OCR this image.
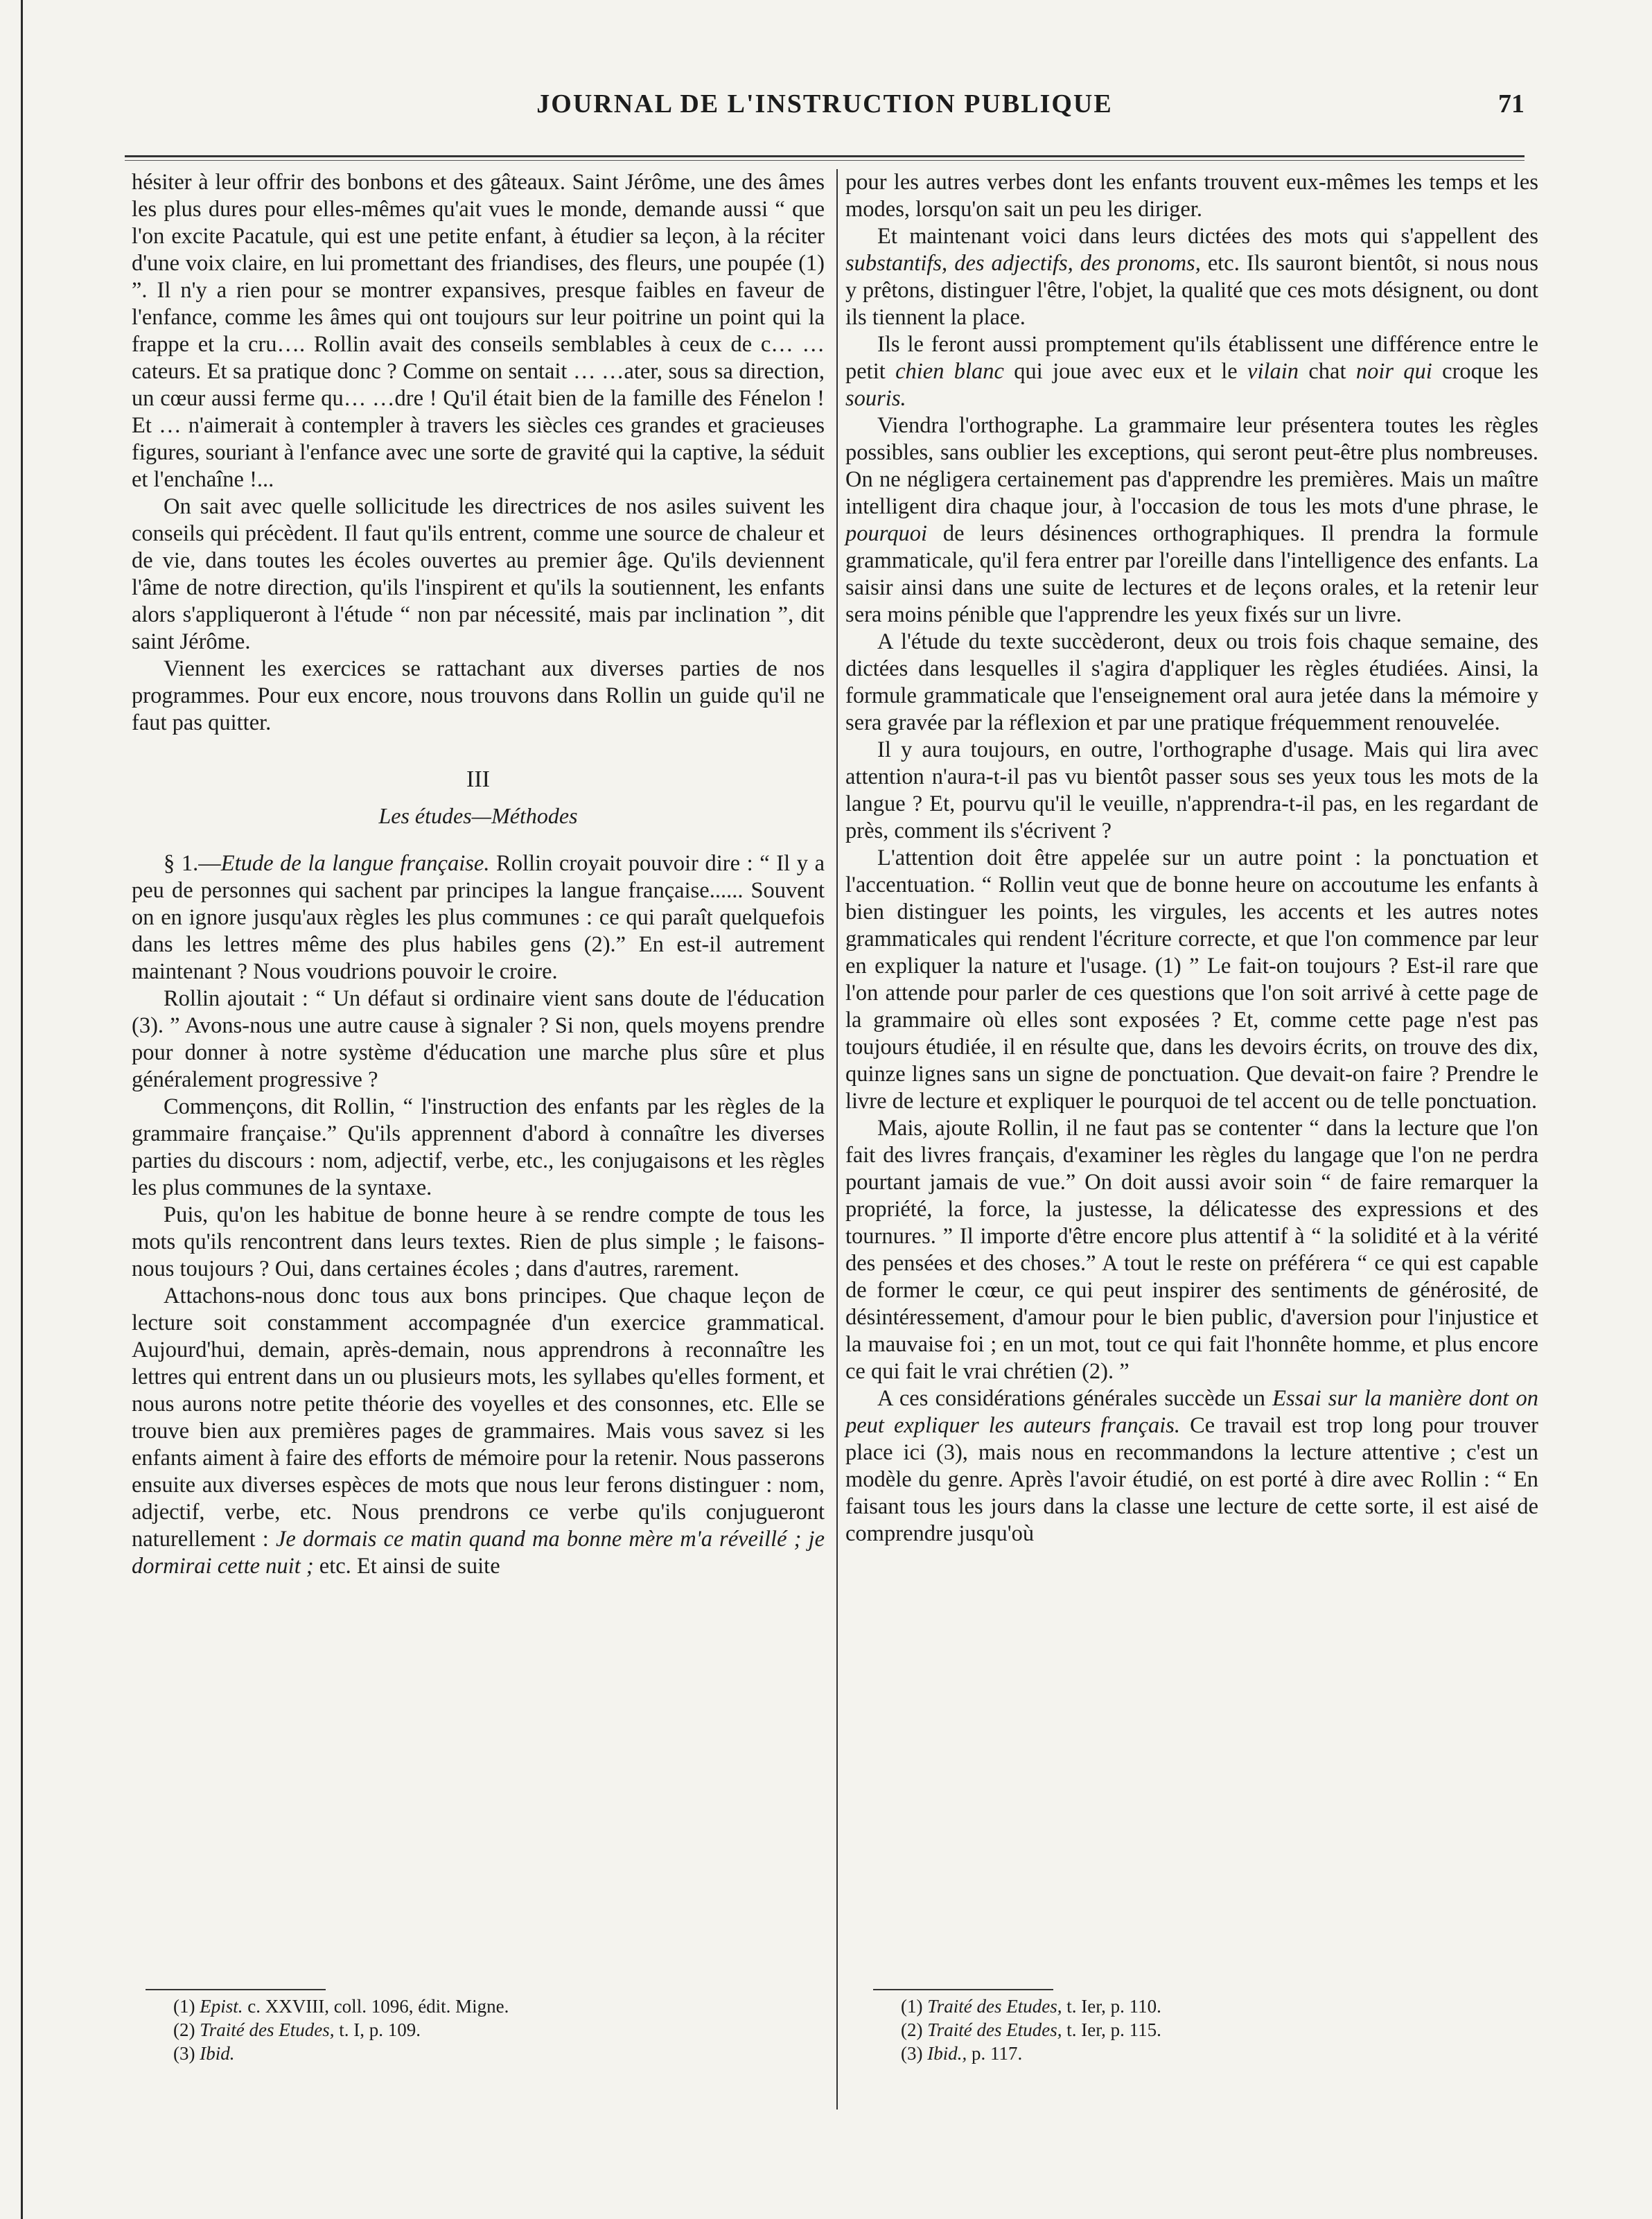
JOURNAL DE L'INSTRUCTION PUBLIQUE	71

hésiter à leur offrir des bonbons et des gâteaux. Saint Jérôme, une des âmes les plus dures pour elles-mêmes qu'ait vues le monde, demande aussi “ que l'on excite Pacatule, qui est une petite enfant, à étudier sa leçon, à la réciter d'une voix claire, en lui promettant des friandises, des fleurs, une poupée (1) ”. Il n'y a rien pour se montrer expansives, presque faibles en faveur de l'enfance, comme les âmes qui ont toujours sur leur poitrine un point qui la frappe et la cru…. Rollin avait des conseils semblables à ceux de c… …cateurs. Et sa pratique donc ? Comme on sentait … …ater, sous sa direction, un cœur aussi ferme qu… …dre ! Qu'il était bien de la famille des Fénelon ! Et … n'aimerait à contempler à travers les siècles ces grandes et gracieuses figures, souriant à l'enfance avec une sorte de gravité qui la captive, la séduit et l'enchaîne !...

On sait avec quelle sollicitude les directrices de nos asiles suivent les conseils qui précèdent. Il faut qu'ils entrent, comme une source de chaleur et de vie, dans toutes les écoles ouvertes au premier âge. Qu'ils deviennent l'âme de notre direction, qu'ils l'inspirent et qu'ils la soutiennent, les enfants alors s'appliqueront à l'étude “ non par nécessité, mais par inclination ”, dit saint Jérôme.

Viennent les exercices se rattachant aux diverses parties de nos programmes. Pour eux encore, nous trouvons dans Rollin un guide qu'il ne faut pas quitter.

III
Les études—Méthodes

§ 1.—Etude de la langue française. Rollin croyait pouvoir dire : “ Il y a peu de personnes qui sachent par principes la langue française...... Souvent on en ignore jusqu'aux règles les plus communes : ce qui paraît quelquefois dans les lettres même des plus habiles gens (2).” En est-il autrement maintenant ? Nous voudrions pouvoir le croire.

Rollin ajoutait : “ Un défaut si ordinaire vient sans doute de l'éducation (3). ” Avons-nous une autre cause à signaler ? Si non, quels moyens prendre pour donner à notre système d'éducation une marche plus sûre et plus généralement progressive ?

Commençons, dit Rollin, “ l'instruction des enfants par les règles de la grammaire française.” Qu'ils apprennent d'abord à connaître les diverses parties du discours : nom, adjectif, verbe, etc., les conjugaisons et les règles les plus communes de la syntaxe.

Puis, qu'on les habitue de bonne heure à se rendre compte de tous les mots qu'ils rencontrent dans leurs textes. Rien de plus simple ; le faisons-nous toujours ? Oui, dans certaines écoles ; dans d'autres, rarement.

Attachons-nous donc tous aux bons principes. Que chaque leçon de lecture soit constamment accompagnée d'un exercice grammatical. Aujourd'hui, demain, après-demain, nous apprendrons à reconnaître les lettres qui entrent dans un ou plusieurs mots, les syllabes qu'elles forment, et nous aurons notre petite théorie des voyelles et des consonnes, etc. Elle se trouve bien aux premières pages de grammaires. Mais vous savez si les enfants aiment à faire des efforts de mémoire pour la retenir. Nous passerons ensuite aux diverses espèces de mots que nous leur ferons distinguer : nom, adjectif, verbe, etc. Nous prendrons ce verbe qu'ils conjugueront naturellement : Je dormais ce matin quand ma bonne mère m'a réveillé ; je dormirai cette nuit ; etc. Et ainsi de suite

pour les autres verbes dont les enfants trouvent eux-mêmes les temps et les modes, lorsqu'on sait un peu les diriger.

Et maintenant voici dans leurs dictées des mots qui s'appellent des substantifs, des adjectifs, des pronoms, etc. Ils sauront bientôt, si nous nous y prêtons, distinguer l'être, l'objet, la qualité que ces mots désignent, ou dont ils tiennent la place.

Ils le feront aussi promptement qu'ils établissent une différence entre le petit chien blanc qui joue avec eux et le vilain chat noir qui croque les souris.

Viendra l'orthographe. La grammaire leur présentera toutes les règles possibles, sans oublier les exceptions, qui seront peut-être plus nombreuses. On ne négligera certainement pas d'apprendre les premières. Mais un maître intelligent dira chaque jour, à l'occasion de tous les mots d'une phrase, le pourquoi de leurs désinences orthographiques. Il prendra la formule grammaticale, qu'il fera entrer par l'oreille dans l'intelligence des enfants. La saisir ainsi dans une suite de lectures et de leçons orales, et la retenir leur sera moins pénible que l'apprendre les yeux fixés sur un livre.

A l'étude du texte succèderont, deux ou trois fois chaque semaine, des dictées dans lesquelles il s'agira d'appliquer les règles étudiées. Ainsi, la formule grammaticale que l'enseignement oral aura jetée dans la mémoire y sera gravée par la réflexion et par une pratique fréquemment renouvelée.

Il y aura toujours, en outre, l'orthographe d'usage. Mais qui lira avec attention n'aura-t-il pas vu bientôt passer sous ses yeux tous les mots de la langue ? Et, pourvu qu'il le veuille, n'apprendra-t-il pas, en les regardant de près, comment ils s'écrivent ?

L'attention doit être appelée sur un autre point : la ponctuation et l'accentuation. “ Rollin veut que de bonne heure on accoutume les enfants à bien distinguer les points, les virgules, les accents et les autres notes grammaticales qui rendent l'écriture correcte, et que l'on commence par leur en expliquer la nature et l'usage. (1) ” Le fait-on toujours ? Est-il rare que l'on attende pour parler de ces questions que l'on soit arrivé à cette page de la grammaire où elles sont exposées ? Et, comme cette page n'est pas toujours étudiée, il en résulte que, dans les devoirs écrits, on trouve des dix, quinze lignes sans un signe de ponctuation. Que devait-on faire ? Prendre le livre de lecture et expliquer le pourquoi de tel accent ou de telle ponctuation.

Mais, ajoute Rollin, il ne faut pas se contenter “ dans la lecture que l'on fait des livres français, d'examiner les règles du langage que l'on ne perdra pourtant jamais de vue.” On doit aussi avoir soin “ de faire remarquer la propriété, la force, la justesse, la délicatesse des expressions et des tournures. ” Il importe d'être encore plus attentif à “ la solidité et à la vérité des pensées et des choses.” A tout le reste on préférera “ ce qui est capable de former le cœur, ce qui peut inspirer des sentiments de générosité, de désintéressement, d'amour pour le bien public, d'aversion pour l'injustice et la mauvaise foi ; en un mot, tout ce qui fait l'honnête homme, et plus encore ce qui fait le vrai chrétien (2). ”

A ces considérations générales succède un Essai sur la manière dont on peut expliquer les auteurs français. Ce travail est trop long pour trouver place ici (3), mais nous en recommandons la lecture attentive ; c'est un modèle du genre. Après l'avoir étudié, on est porté à dire avec Rollin : “ En faisant tous les jours dans la classe une lecture de cette sorte, il est aisé de comprendre jusqu'où

(1) Epist. c. XXVIII, coll. 1096, édit. Migne.
(2) Traité des Etudes, t. I, p. 109.
(3) Ibid.
(1) Traité des Etudes, t. Ier, p. 110.
(2) Traité des Etudes, t. Ier, p. 115.
(3) Ibid., p. 117.
